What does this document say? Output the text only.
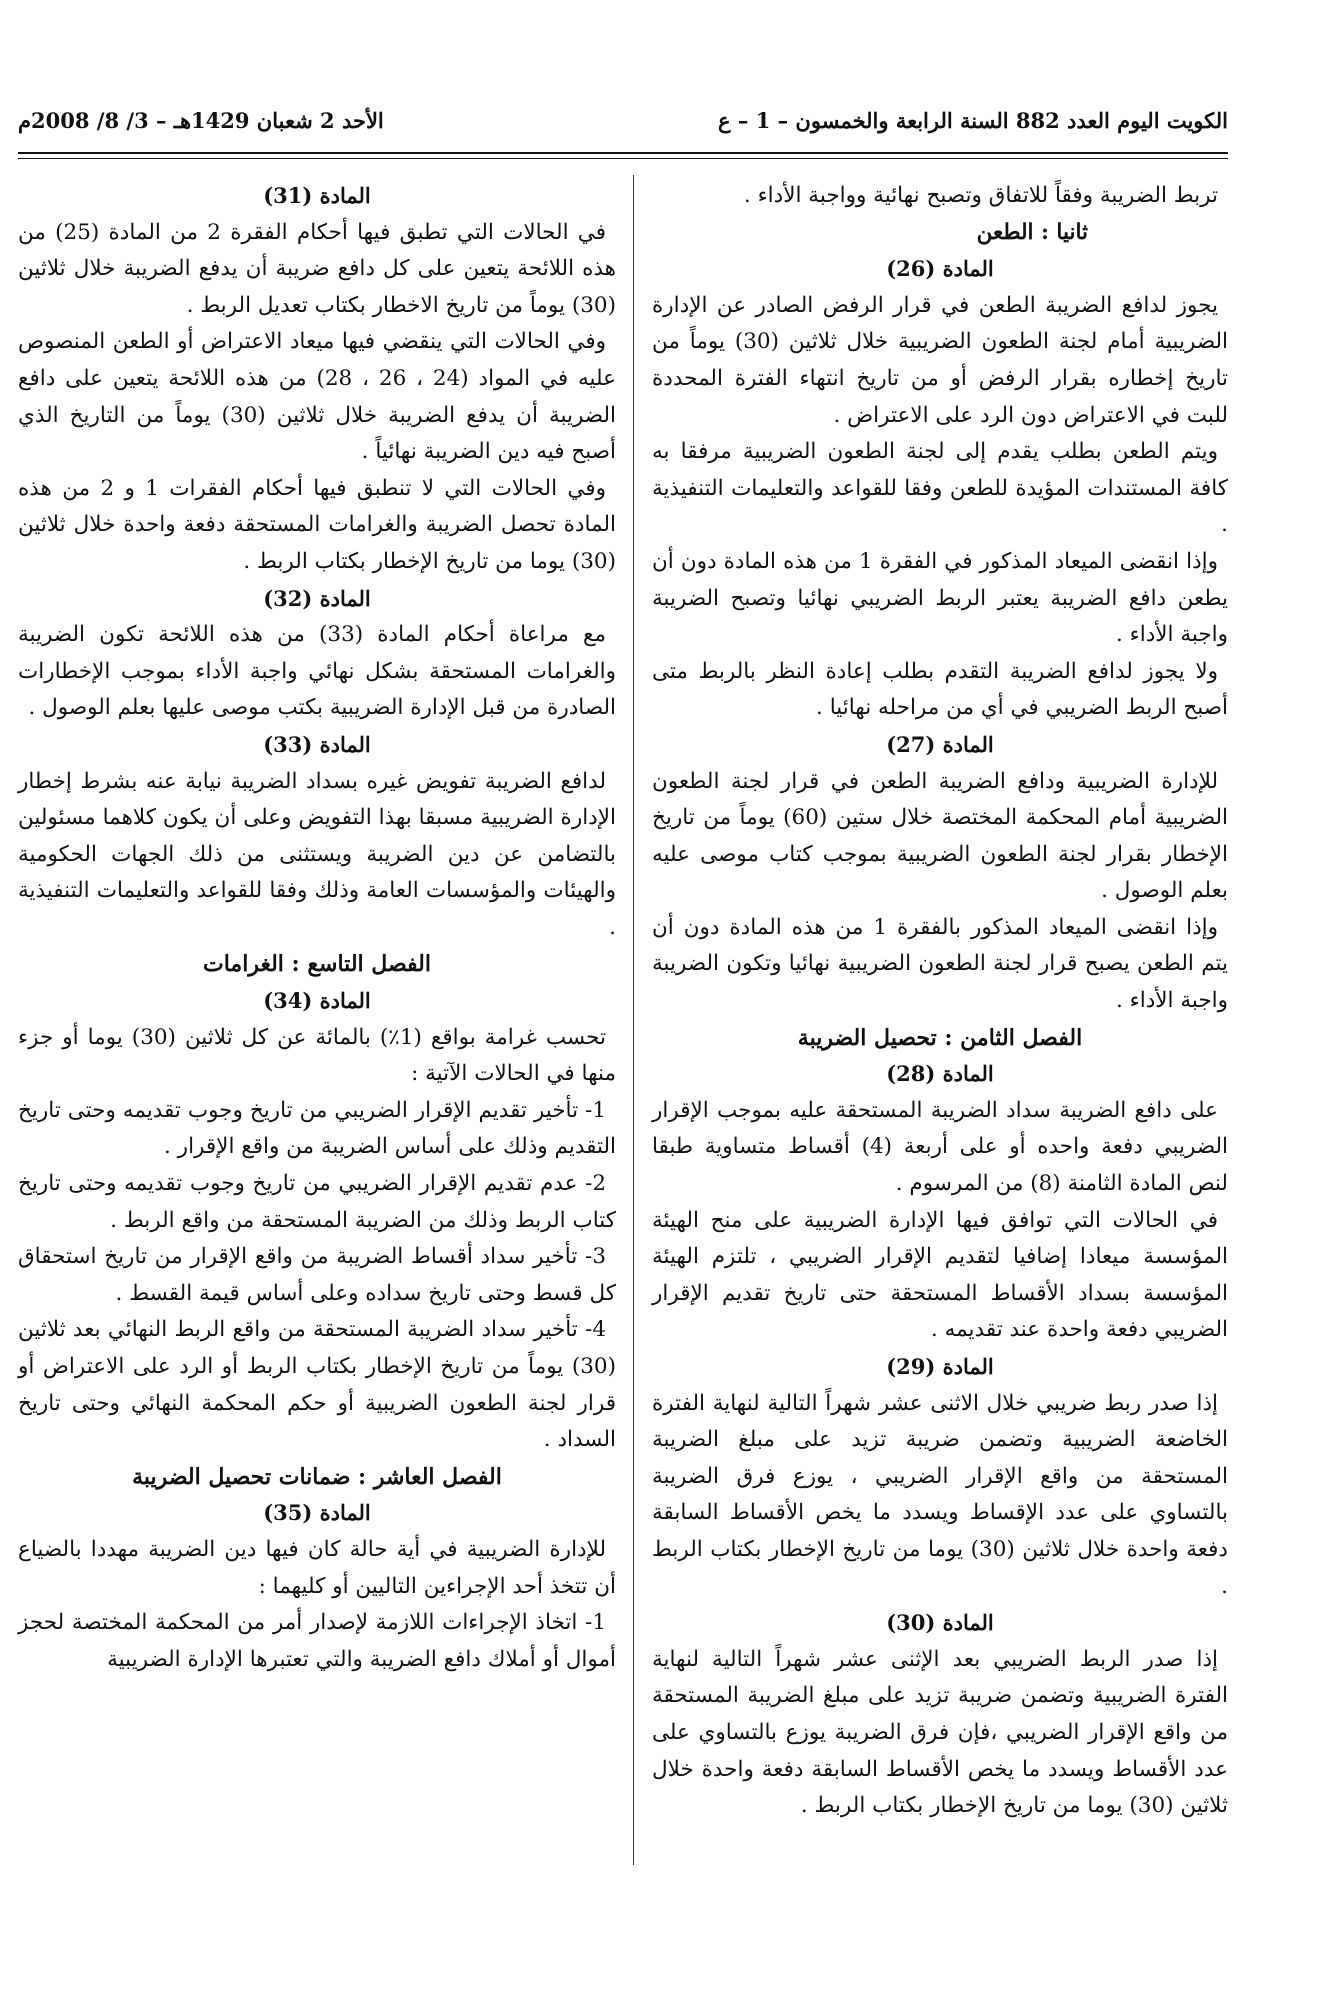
الكويت اليوم العدد 882 السنة الرابعة والخمسون – 1 – ع
الأحد 2 شعبان 1429هـ – 3/ 8/ 2008م

تربط الضريبة وفقاً للاتفاق وتصبح نهائية وواجبة الأداء .

ثانيا : الطعن

المادة (26)

يجوز لدافع الضريبة الطعن في قرار الرفض الصادر عن الإدارة الضريبية أمام لجنة الطعون الضريبية خلال ثلاثين (30) يوماً من تاريخ إخطاره بقرار الرفض أو من تاريخ انتهاء الفترة المحددة للبت في الاعتراض دون الرد على الاعتراض .

ويتم الطعن بطلب يقدم إلى لجنة الطعون الضريبية مرفقا به كافة المستندات المؤيدة للطعن وفقا للقواعد والتعليمات التنفيذية .

وإذا انقضى الميعاد المذكور في الفقرة 1 من هذه المادة دون أن يطعن دافع الضريبة يعتبر الربط الضريبي نهائيا وتصبح الضريبة واجبة الأداء .

ولا يجوز لدافع الضريبة التقدم بطلب إعادة النظر بالربط متى أصبح الربط الضريبي في أي من مراحله نهائيا .

المادة (27)

للإدارة الضريبية ودافع الضريبة الطعن في قرار لجنة الطعون الضريبية أمام المحكمة المختصة خلال ستين (60) يوماً من تاريخ الإخطار بقرار لجنة الطعون الضريبية بموجب كتاب موصى عليه بعلم الوصول .

وإذا انقضى الميعاد المذكور بالفقرة 1 من هذه المادة دون أن يتم الطعن يصبح قرار لجنة الطعون الضريبية نهائيا وتكون الضريبة واجبة الأداء .

الفصل الثامن : تحصيل الضريبة

المادة (28)

على دافع الضريبة سداد الضريبة المستحقة عليه بموجب الإقرار الضريبي دفعة واحده أو على أربعة (4) أقساط متساوية طبقا لنص المادة الثامنة (8) من المرسوم .

في الحالات التي توافق فيها الإدارة الضريبية على منح الهيئة المؤسسة ميعادا إضافيا لتقديم الإقرار الضريبي ، تلتزم الهيئة المؤسسة بسداد الأقساط المستحقة حتى تاريخ تقديم الإقرار الضريبي دفعة واحدة عند تقديمه .

المادة (29)

إذا صدر ربط ضريبي خلال الاثنى عشر شهراً التالية لنهاية الفترة الخاضعة الضريبية وتضمن ضريبة تزيد على مبلغ الضريبة المستحقة من واقع الإقرار الضريبي ، يوزع فرق الضريبة بالتساوي على عدد الإقساط ويسدد ما يخص الأقساط السابقة دفعة واحدة خلال ثلاثين (30) يوما من تاريخ الإخطار بكتاب الربط .

المادة (30)

إذا صدر الربط الضريبي بعد الإثنى عشر شهراً التالية لنهاية الفترة الضريبية وتضمن ضريبة تزيد على مبلغ الضريبة المستحقة من واقع الإقرار الضريبي ،فإن فرق الضريبة يوزع بالتساوي على عدد الأقساط ويسدد ما يخص الأقساط السابقة دفعة واحدة خلال ثلاثين (30) يوما من تاريخ الإخطار بكتاب الربط .

المادة (31)

في الحالات التي تطبق فيها أحكام الفقرة 2 من المادة (25) من هذه اللائحة يتعين على كل دافع ضريبة أن يدفع الضريبة خلال ثلاثين (30) يوماً من تاريخ الاخطار بكتاب تعديل الربط .

وفي الحالات التي ينقضي فيها ميعاد الاعتراض أو الطعن المنصوص عليه في المواد (24 ، 26 ، 28) من هذه اللائحة يتعين على دافع الضريبة أن يدفع الضريبة خلال ثلاثين (30) يوماً من التاريخ الذي أصبح فيه دين الضريبة نهائياً .

وفي الحالات التي لا تنطبق فيها أحكام الفقرات 1 و 2 من هذه المادة تحصل الضريبة والغرامات المستحقة دفعة واحدة خلال ثلاثين (30) يوما من تاريخ الإخطار بكتاب الربط .

المادة (32)

مع مراعاة أحكام المادة (33) من هذه اللائحة تكون الضريبة والغرامات المستحقة بشكل نهائي واجبة الأداء بموجب الإخطارات الصادرة من قبل الإدارة الضريبية بكتب موصى عليها بعلم الوصول .

المادة (33)

لدافع الضريبة تفويض غيره بسداد الضريبة نيابة عنه بشرط إخطار الإدارة الضريبية مسبقا بهذا التفويض وعلى أن يكون كلاهما مسئولين بالتضامن عن دين الضريبة ويستثنى من ذلك الجهات الحكومية والهيئات والمؤسسات العامة وذلك وفقا للقواعد والتعليمات التنفيذية .

الفصل التاسع : الغرامات

المادة (34)

تحسب غرامة بواقع (1٪) بالمائة عن كل ثلاثين (30) يوما أو جزء منها في الحالات الآتية :

1- تأخير تقديم الإقرار الضريبي من تاريخ وجوب تقديمه وحتى تاريخ التقديم وذلك على أساس الضريبة من واقع الإقرار .

2- عدم تقديم الإقرار الضريبي من تاريخ وجوب تقديمه وحتى تاريخ كتاب الربط وذلك من الضريبة المستحقة من واقع الربط .

3- تأخير سداد أقساط الضريبة من واقع الإقرار من تاريخ استحقاق كل قسط وحتى تاريخ سداده وعلى أساس قيمة القسط .

4- تأخير سداد الضريبة المستحقة من واقع الربط النهائي بعد ثلاثين (30) يوماً من تاريخ الإخطار بكتاب الربط أو الرد على الاعتراض أو قرار لجنة الطعون الضريبية أو حكم المحكمة النهائي وحتى تاريخ السداد .

الفصل العاشر : ضمانات تحصيل الضريبة

المادة (35)

للإدارة الضريبية في أية حالة كان فيها دين الضريبة مهددا بالضياع أن تتخذ أحد الإجراءين التاليين أو كليهما :

1- اتخاذ الإجراءات اللازمة لإصدار أمر من المحكمة المختصة لحجز أموال أو أملاك دافع الضريبة والتي تعتبرها الإدارة الضريبية
